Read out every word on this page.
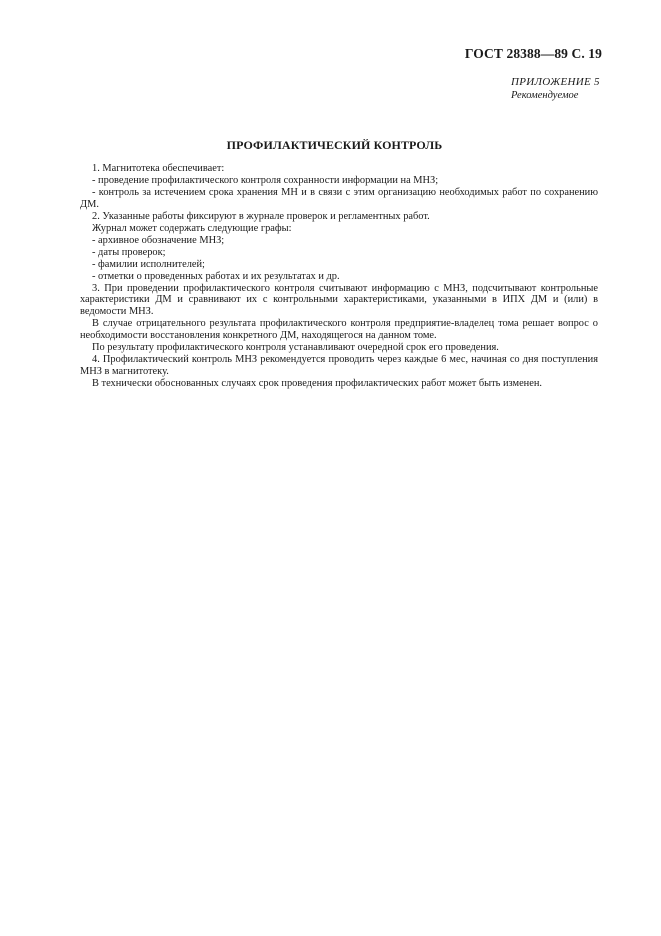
ГОСТ 28388—89 С. 19
ПРИЛОЖЕНИЕ 5
Рекомендуемое
ПРОФИЛАКТИЧЕСКИЙ КОНТРОЛЬ

1. Магнитотека обеспечивает:

- проведение профилактического контроля сохранности информации на МНЗ;

- контроль за истечением срока хранения МН и в связи с этим организацию необходимых работ по сохранению ДМ.

2. Указанные работы фиксируют в журнале проверок и регламентных работ.

Журнал может содержать следующие графы:

- архивное обозначение МНЗ;

- даты проверок;

- фамилии исполнителей;

- отметки о проведенных работах и их результатах и др.

3. При проведении профилактического контроля считывают информацию с МНЗ, подсчитывают контрольные характеристики ДМ и сравнивают их с контрольными характеристиками, указанными в ИПХ ДМ и (или) в ведомости МНЗ.

В случае отрицательного результата профилактического контроля предприятие-владелец тома решает вопрос о необходимости восстановления конкретного ДМ, находящегося на данном томе.

По результату профилактического контроля устанавливают очередной срок его проведения.

4. Профилактический контроль МНЗ рекомендуется проводить через каждые 6 мес, начиная со дня поступления МНЗ в магнитотеку.

В технически обоснованных случаях срок проведения профилактических работ может быть изменен.
